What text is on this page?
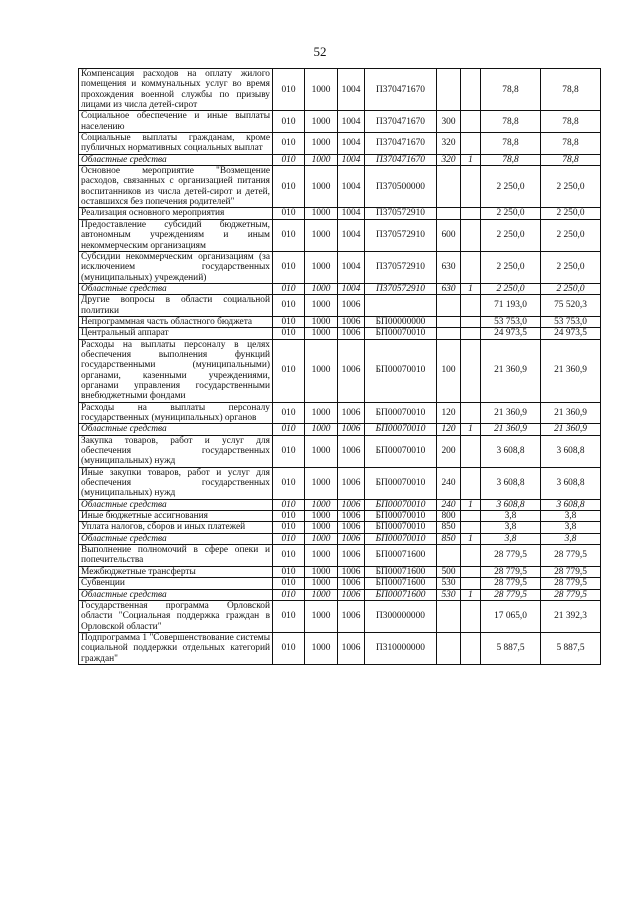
52
Компенсация расходов на оплату жилого помещения и коммунальных услуг во время прохождения военной службы по призыву лицами из числа детей-сирот	010	1000	1004	П370471670			78,8	78,8
Социальное обеспечение и иные выплаты населению	010	1000	1004	П370471670	300		78,8	78,8
Социальные выплаты гражданам, кроме публичных нормативных социальных выплат	010	1000	1004	П370471670	320		78,8	78,8
Областные средства	010	1000	1004	П370471670	320	1	78,8	78,8
Основное мероприятие "Возмещение расходов, связанных с организацией питания воспитанников из числа детей-сирот и детей, оставшихся без попечения родителей"	010	1000	1004	П370500000			2 250,0	2 250,0
Реализация основного мероприятия	010	1000	1004	П370572910			2 250,0	2 250,0
Предоставление субсидий бюджетным, автономным учреждениям и иным некоммерческим организациям	010	1000	1004	П370572910	600		2 250,0	2 250,0
Субсидии некоммерческим организациям (за исключением государственных (муниципальных) учреждений)	010	1000	1004	П370572910	630		2 250,0	2 250,0
Областные средства	010	1000	1004	П370572910	630	1	2 250,0	2 250,0
Другие вопросы в области социальной политики	010	1000	1006				71 193,0	75 520,3
Непрограммная часть областного бюджета	010	1000	1006	БП00000000			53 753,0	53 753,0
Центральный аппарат	010	1000	1006	БП00070010			24 973,5	24 973,5
Расходы на выплаты персоналу в целях обеспечения выполнения функций государственными (муниципальными) органами, казенными учреждениями, органами управления государственными внебюджетными фондами	010	1000	1006	БП00070010	100		21 360,9	21 360,9
Расходы на выплаты персоналу государственных (муниципальных) органов	010	1000	1006	БП00070010	120		21 360,9	21 360,9
Областные средства	010	1000	1006	БП00070010	120	1	21 360,9	21 360,9
Закупка товаров, работ и услуг для обеспечения государственных (муниципальных) нужд	010	1000	1006	БП00070010	200		3 608,8	3 608,8
Иные закупки товаров, работ и услуг для обеспечения государственных (муниципальных) нужд	010	1000	1006	БП00070010	240		3 608,8	3 608,8
Областные средства	010	1000	1006	БП00070010	240	1	3 608,8	3 608,8
Иные бюджетные ассигнования	010	1000	1006	БП00070010	800		3,8	3,8
Уплата налогов, сборов и иных платежей	010	1000	1006	БП00070010	850		3,8	3,8
Областные средства	010	1000	1006	БП00070010	850	1	3,8	3,8
Выполнение полномочий в сфере опеки и попечительства	010	1000	1006	БП00071600			28 779,5	28 779,5
Межбюджетные трансферты	010	1000	1006	БП00071600	500		28 779,5	28 779,5
Субвенции	010	1000	1006	БП00071600	530		28 779,5	28 779,5
Областные средства	010	1000	1006	БП00071600	530	1	28 779,5	28 779,5
Государственная программа Орловской области "Социальная поддержка граждан в Орловской области"	010	1000	1006	П300000000			17 065,0	21 392,3
Подпрограмма 1 "Совершенствование системы социальной поддержки отдельных категорий граждан"	010	1000	1006	П310000000			5 887,5	5 887,5
